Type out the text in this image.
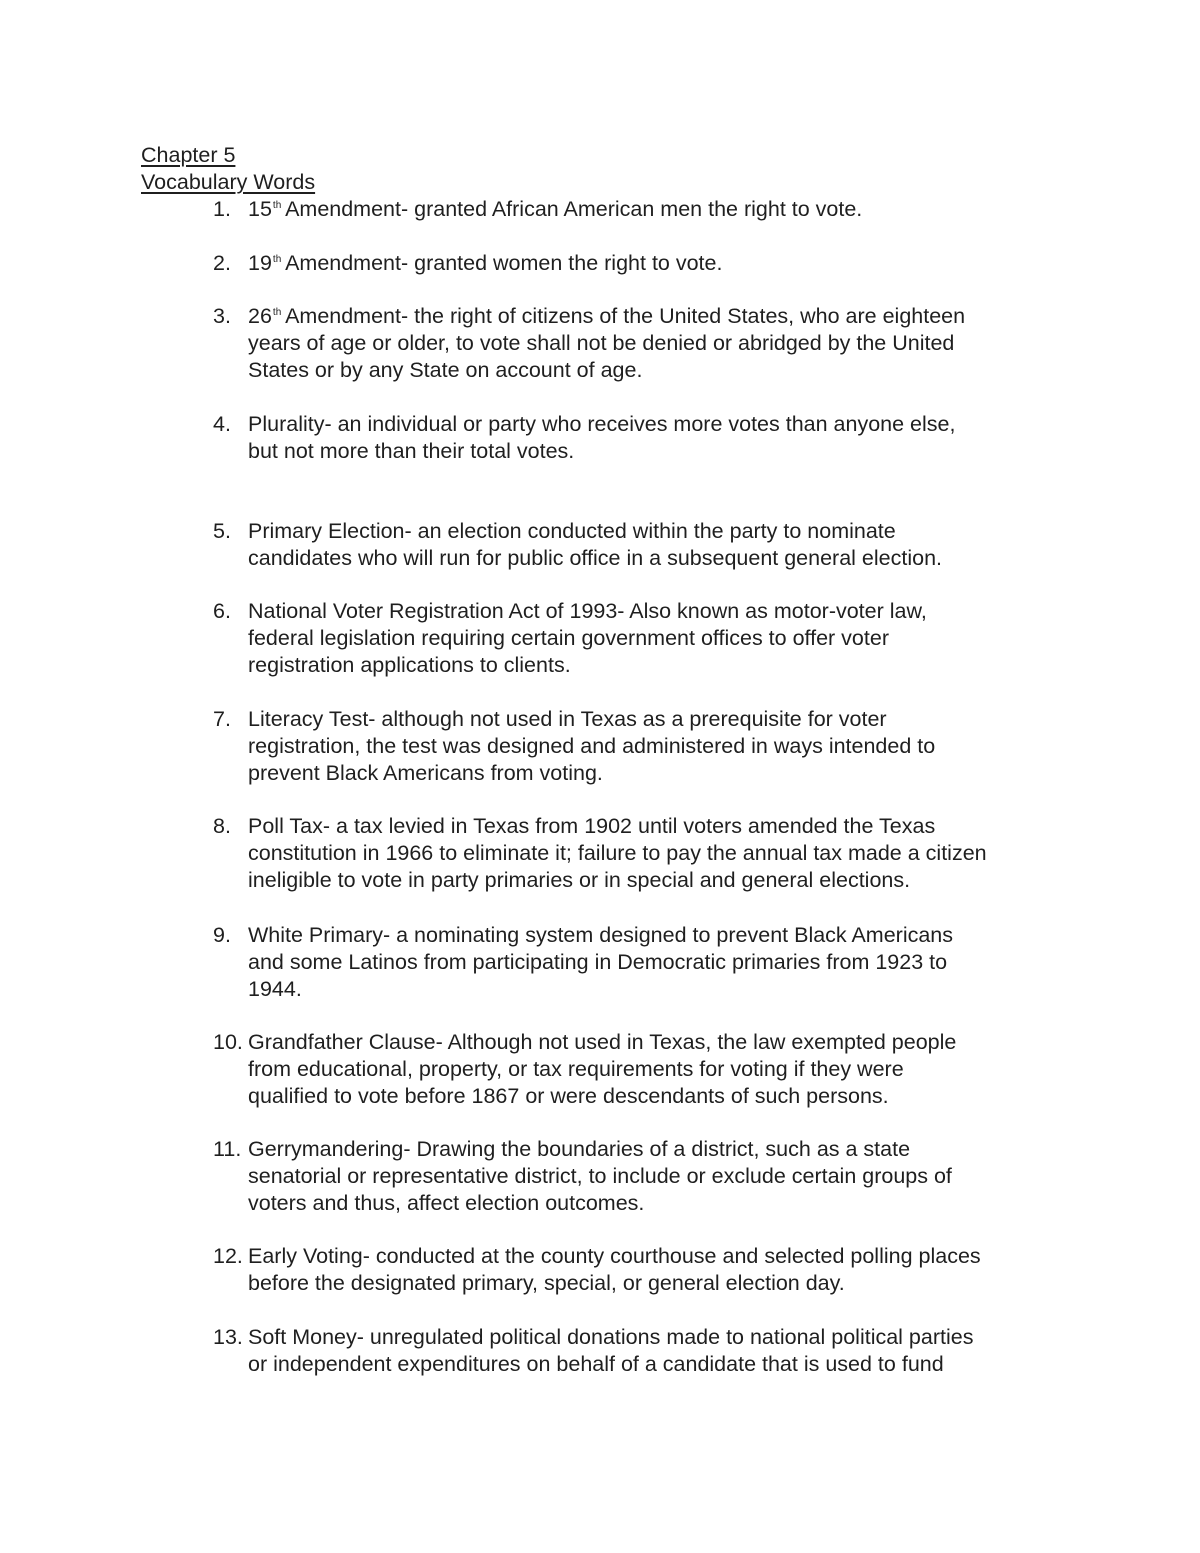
Chapter 5
Vocabulary Words
1. 15th Amendment- granted African American men the right to vote.
2. 19th Amendment- granted women the right to vote.
3. 26th Amendment- the right of citizens of the United States, who are eighteen
years of age or older, to vote shall not be denied or abridged by the United
States or by any State on account of age.
4. Plurality- an individual or party who receives more votes than anyone else,
but not more than their total votes.
5. Primary Election- an election conducted within the party to nominate
candidates who will run for public office in a subsequent general election.
6. National Voter Registration Act of 1993- Also known as motor-voter law,
federal legislation requiring certain government offices to offer voter
registration applications to clients.
7. Literacy Test- although not used in Texas as a prerequisite for voter
registration, the test was designed and administered in ways intended to
prevent Black Americans from voting.
8. Poll Tax- a tax levied in Texas from 1902 until voters amended the Texas
constitution in 1966 to eliminate it; failure to pay the annual tax made a citizen
ineligible to vote in party primaries or in special and general elections.
9. White Primary- a nominating system designed to prevent Black Americans
and some Latinos from participating in Democratic primaries from 1923 to
1944.
10. Grandfather Clause- Although not used in Texas, the law exempted people
from educational, property, or tax requirements for voting if they were
qualified to vote before 1867 or were descendants of such persons.
11. Gerrymandering- Drawing the boundaries of a district, such as a state
senatorial or representative district, to include or exclude certain groups of
voters and thus, affect election outcomes.
12. Early Voting- conducted at the county courthouse and selected polling places
before the designated primary, special, or general election day.
13. Soft Money- unregulated political donations made to national political parties
or independent expenditures on behalf of a candidate that is used to fund
